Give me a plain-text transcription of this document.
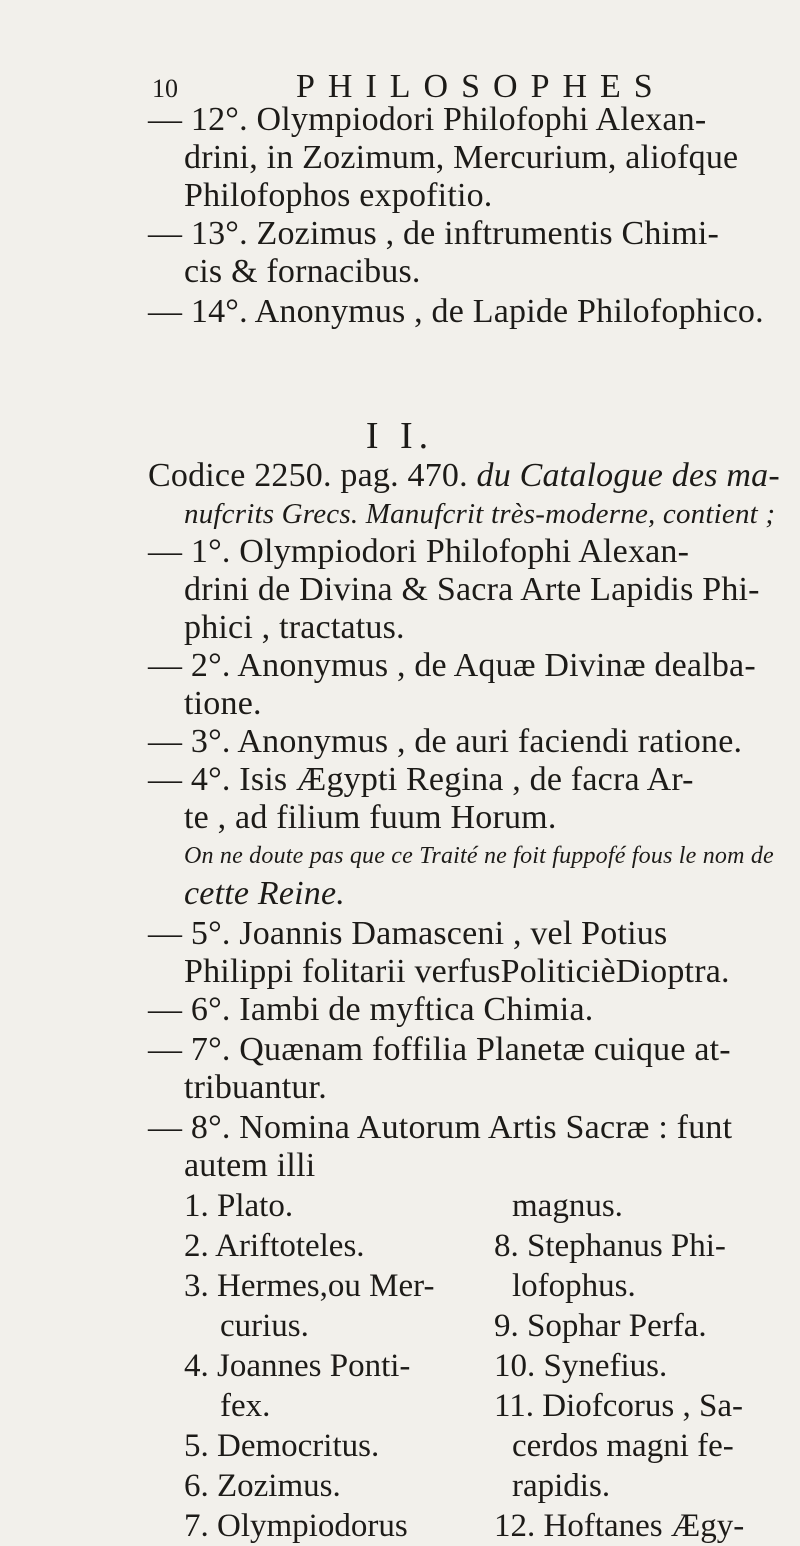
10	PHILOSOPHES
— 12°. Olympiodori Philofophi Alexan-
drini, in Zozimum, Mercurium, aliofque
Philofophos expofitio.
— 13°. Zozimus , de inftrumentis Chimi-
cis & fornacibus.
— 14°. Anonymus , de Lapide Philofophico.
I I.
Codice 2250. pag. 470. du Catalogue des ma-
nufcrits Grecs. Manufcrit très-moderne, contient ;
— 1°. Olympiodori Philofophi Alexan-
drini de Divina & Sacra Arte Lapidis Phi-
phici , tractatus.
— 2°. Anonymus , de Aquæ Divinæ dealba-
tione.
— 3°. Anonymus , de auri faciendi ratione.
— 4°. Isis Ægypti Regina , de facra Ar-
te , ad filium fuum Horum.
On ne doute pas que ce Traité ne foit fuppofé fous le nom de
cette Reine.
— 5°. Joannis Damasceni , vel Potius
Philippi folitarii verfusPoliticièDioptra.
— 6°. Iambi de myftica Chimia.
— 7°. Quænam foffilia Planetæ cuique at-
tribuantur.
— 8°. Nomina Autorum Artis Sacræ : funt
autem illi
1. Plato.
2. Ariftoteles.
3. Hermes,ou Mer-
curius.
4. Joannes Ponti-
fex.
5. Democritus.
6. Zozimus.
7. Olympiodorus
magnus.
8. Stephanus Phi-
lofophus.
9. Sophar Perfa.
10. Synefius.
11. Diofcorus , Sa-
cerdos magni fe-
rapidis.
12. Hoftanes Ægy-
